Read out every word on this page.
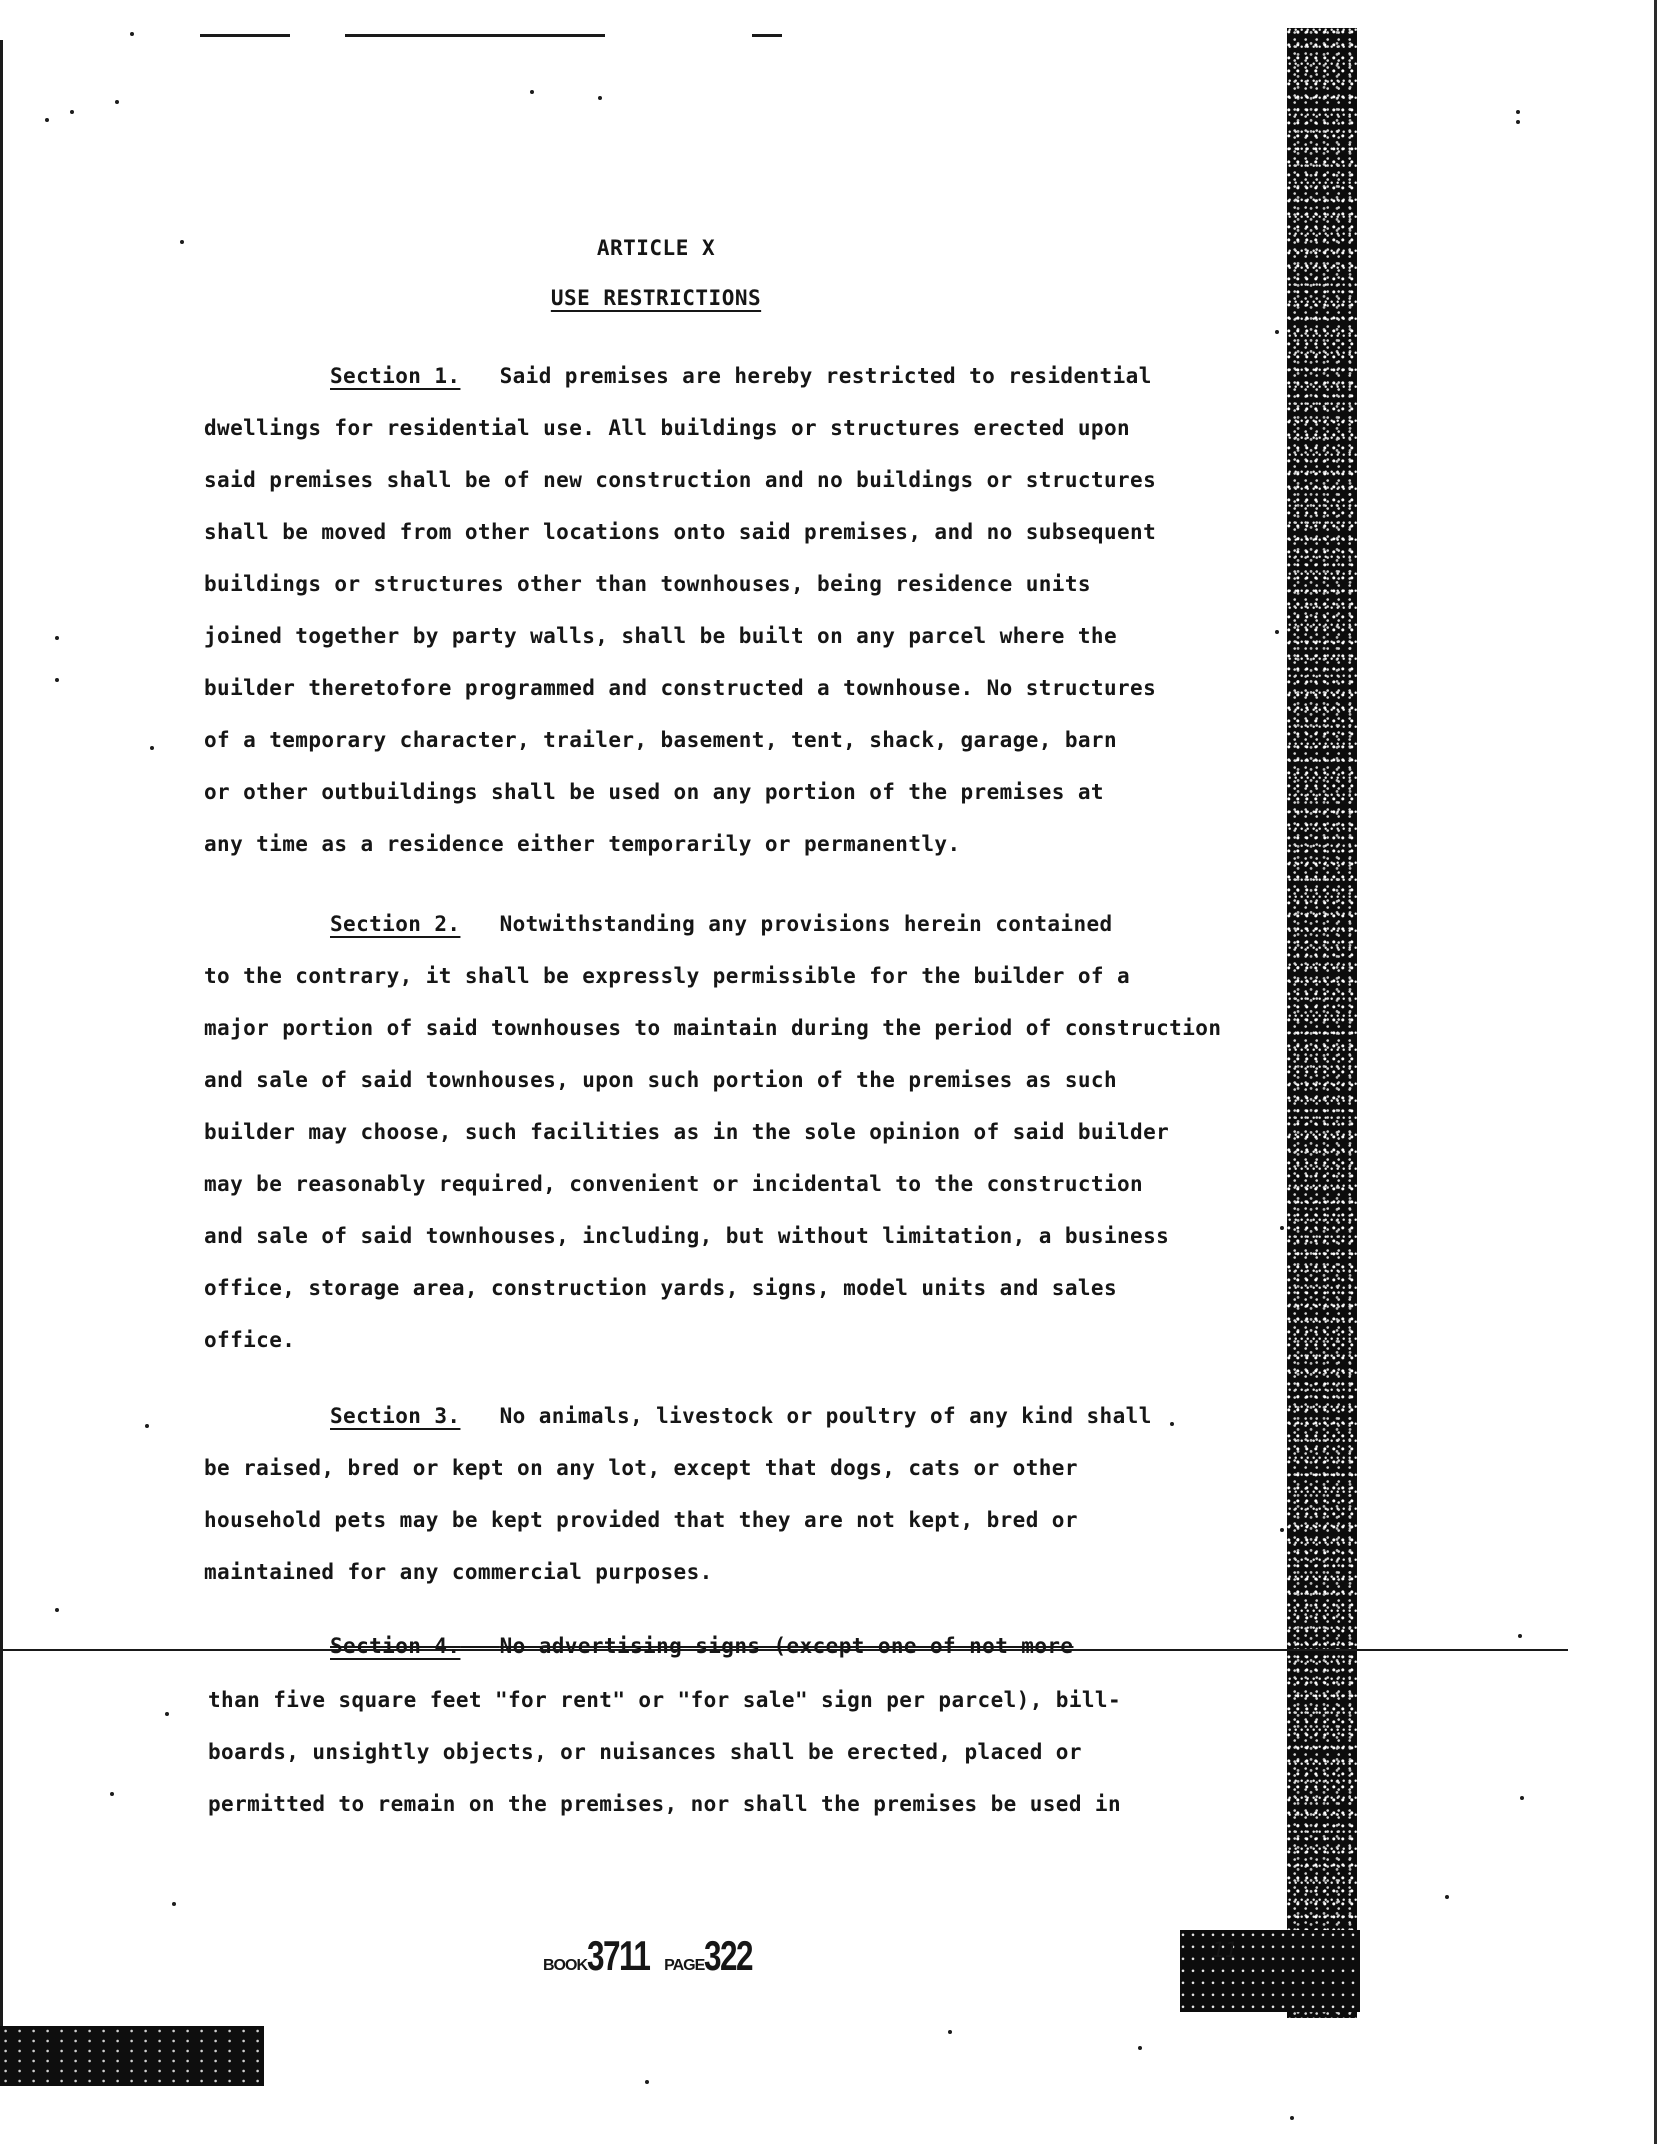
ARTICLE X

USE RESTRICTIONS

Section 1. Said premises are hereby restricted to residential

dwellings for residential use. All buildings or structures erected upon

said premises shall be of new construction and no buildings or structures

shall be moved from other locations onto said premises, and no subsequent

buildings or structures other than townhouses, being residence units

joined together by party walls, shall be built on any parcel where the

builder theretofore programmed and constructed a townhouse. No structures

of a temporary character, trailer, basement, tent, shack, garage, barn

or other outbuildings shall be used on any portion of the premises at

any time as a residence either temporarily or permanently.

Section 2. Notwithstanding any provisions herein contained

to the contrary, it shall be expressly permissible for the builder of a

major portion of said townhouses to maintain during the period of construction

and sale of said townhouses, upon such portion of the premises as such

builder may choose, such facilities as in the sole opinion of said builder

may be reasonably required, convenient or incidental to the construction

and sale of said townhouses, including, but without limitation, a business

office, storage area, construction yards, signs, model units and sales

office.

Section 3. No animals, livestock or poultry of any kind shall

be raised, bred or kept on any lot, except that dogs, cats or other

household pets may be kept provided that they are not kept, bred or

maintained for any commercial purposes.

Section 4. No advertising signs (except one of not more

than five square feet "for rent" or "for sale" sign per parcel), bill-

boards, unsightly objects, or nuisances shall be erected, placed or

permitted to remain on the premises, nor shall the premises be used in

BOOK3711 PAGE322	11
